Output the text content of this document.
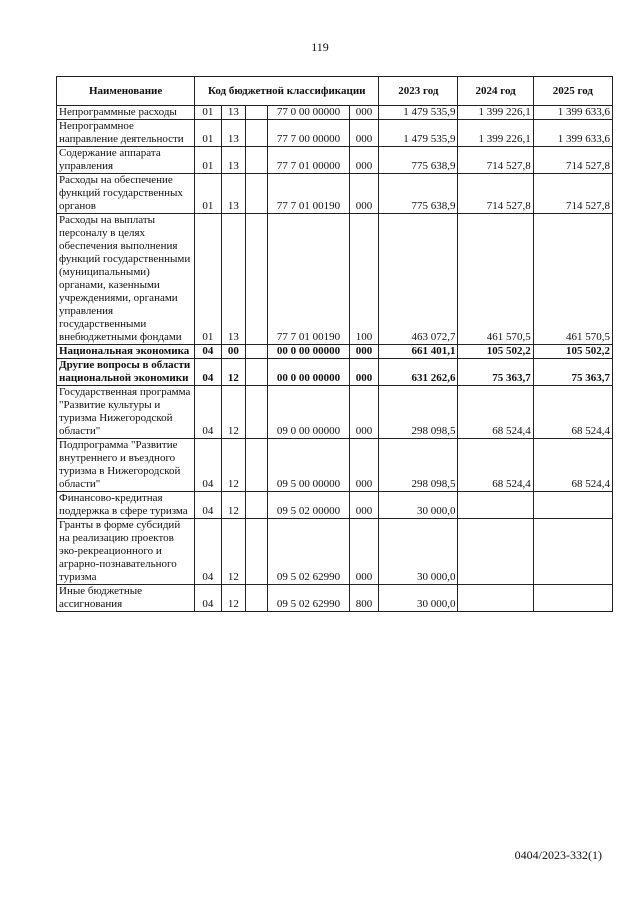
119
Наименование	Код бюджетной классификации					2023 год	2024 год	2025 год
Непрограммные расходы	01	13		77 0 00 00000	000	1 479 535,9	1 399 226,1	1 399 633,6
Непрограммное направление деятельности	01	13		77 7 00 00000	000	1 479 535,9	1 399 226,1	1 399 633,6
Содержание аппарата управления	01	13		77 7 01 00000	000	775 638,9	714 527,8	714 527,8
Расходы на обеспечение функций государственных органов	01	13		77 7 01 00190	000	775 638,9	714 527,8	714 527,8
Расходы на выплаты персоналу в целях обеспечения выполнения функций государственными (муниципальными) органами, казенными учреждениями, органами управления государственными внебюджетными фондами	01	13		77 7 01 00190	100	463 072,7	461 570,5	461 570,5
Национальная экономика	04	00		00 0 00 00000	000	661 401,1	105 502,2	105 502,2
Другие вопросы в области национальной экономики	04	12		00 0 00 00000	000	631 262,6	75 363,7	75 363,7
Государственная программа "Развитие культуры и туризма Нижегородской области"	04	12		09 0 00 00000	000	298 098,5	68 524,4	68 524,4
Подпрограмма "Развитие внутреннего и въездного туризма в Нижегородской области"	04	12		09 5 00 00000	000	298 098,5	68 524,4	68 524,4
Финансово-кредитная поддержка в сфере туризма	04	12		09 5 02 00000	000	30 000,0		
Гранты в форме субсидий на реализацию проектов эко-рекреационного и аграрно-познавательного туризма	04	12		09 5 02 62990	000	30 000,0		
Иные бюджетные ассигнования	04	12		09 5 02 62990	800	30 000,0		
0404/2023-332(1)
